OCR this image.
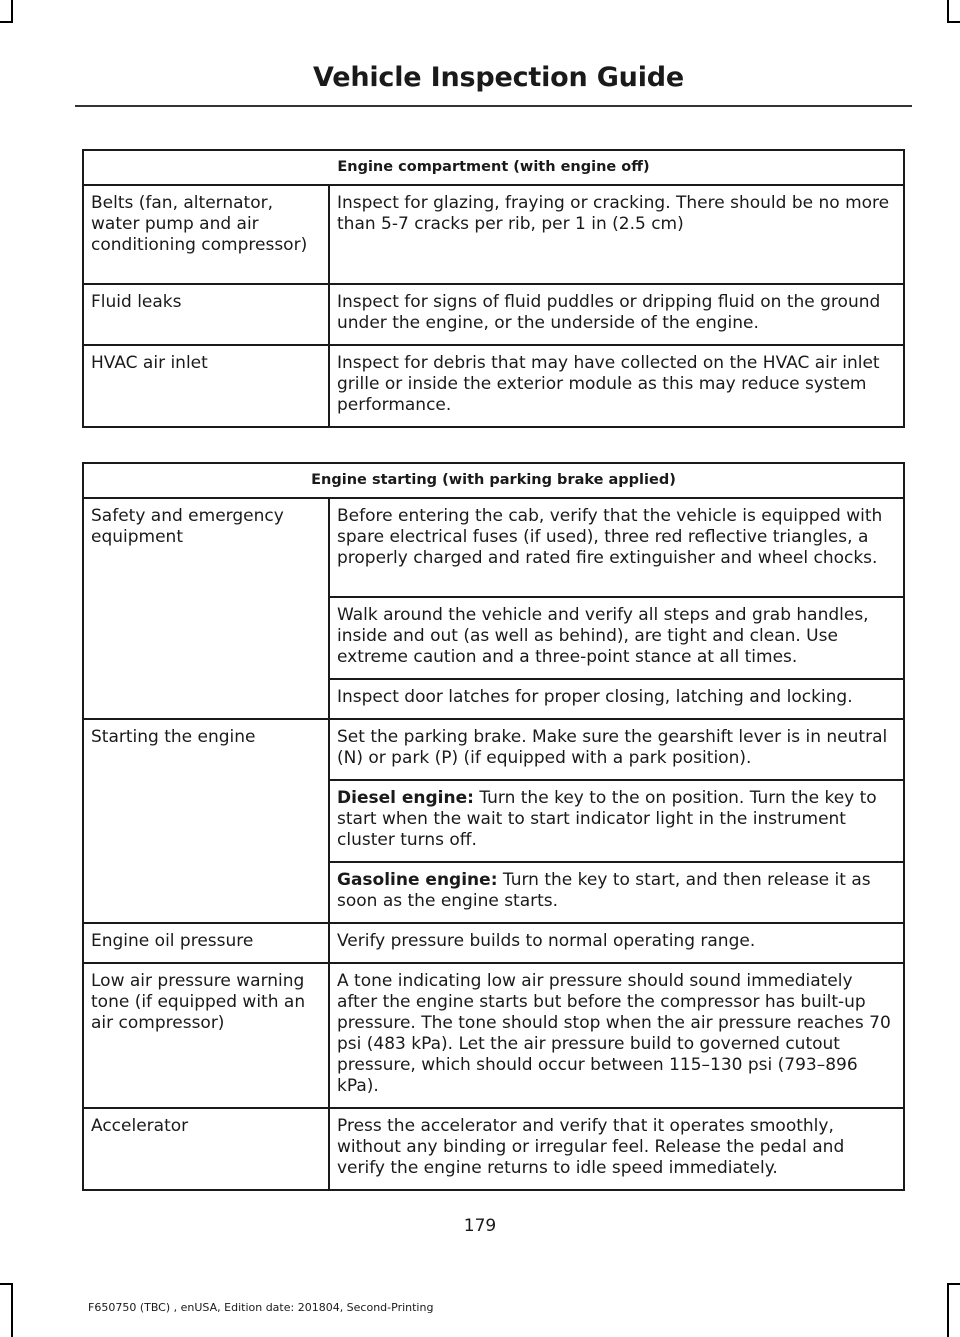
Vehicle Inspection Guide
Engine compartment (with engine off)	
Belts (fan, alternator, water pump and air conditioning compressor)	Inspect for glazing, fraying or cracking. There should be no more than 5-7 cracks per rib, per 1 in (2.5 cm)
Fluid leaks	Inspect for signs of fluid puddles or dripping fluid on the ground under the engine, or the underside of the engine.
HVAC air inlet	Inspect for debris that may have collected on the HVAC air inlet grille or inside the exterior module as this may reduce system performance.
Engine starting (with parking brake applied)	
Safety and emergency equipment	Before entering the cab, verify that the vehicle is equipped with spare electrical fuses (if used), three red reflective triangles, a properly charged and rated fire extinguisher and wheel chocks.
	Walk around the vehicle and verify all steps and grab handles, inside and out (as well as behind), are tight and clean. Use extreme caution and a three-point stance at all times.
	Inspect door latches for proper closing, latching and locking.
Starting the engine	Set the parking brake. Make sure the gearshift lever is in neutral (N) or park (P) (if equipped with a park position).
	Diesel engine: Turn the key to the on position. Turn the key to start when the wait to start indicator light in the instrument cluster turns off.
	Gasoline engine: Turn the key to start, and then release it as soon as the engine starts.
Engine oil pressure	Verify pressure builds to normal operating range.
Low air pressure warning tone (if equipped with an air compressor)	A tone indicating low air pressure should sound immediately after the engine starts but before the compressor has built-up pressure. The tone should stop when the air pressure reaches 70 psi (483 kPa). Let the air pressure build to governed cutout pressure, which should occur between 115–130 psi (793–896 kPa).
Accelerator	Press the accelerator and verify that it operates smoothly, without any binding or irregular feel. Release the pedal and verify the engine returns to idle speed immediately.
179
F650750 (TBC) , enUSA, Edition date: 201804, Second-Printing
